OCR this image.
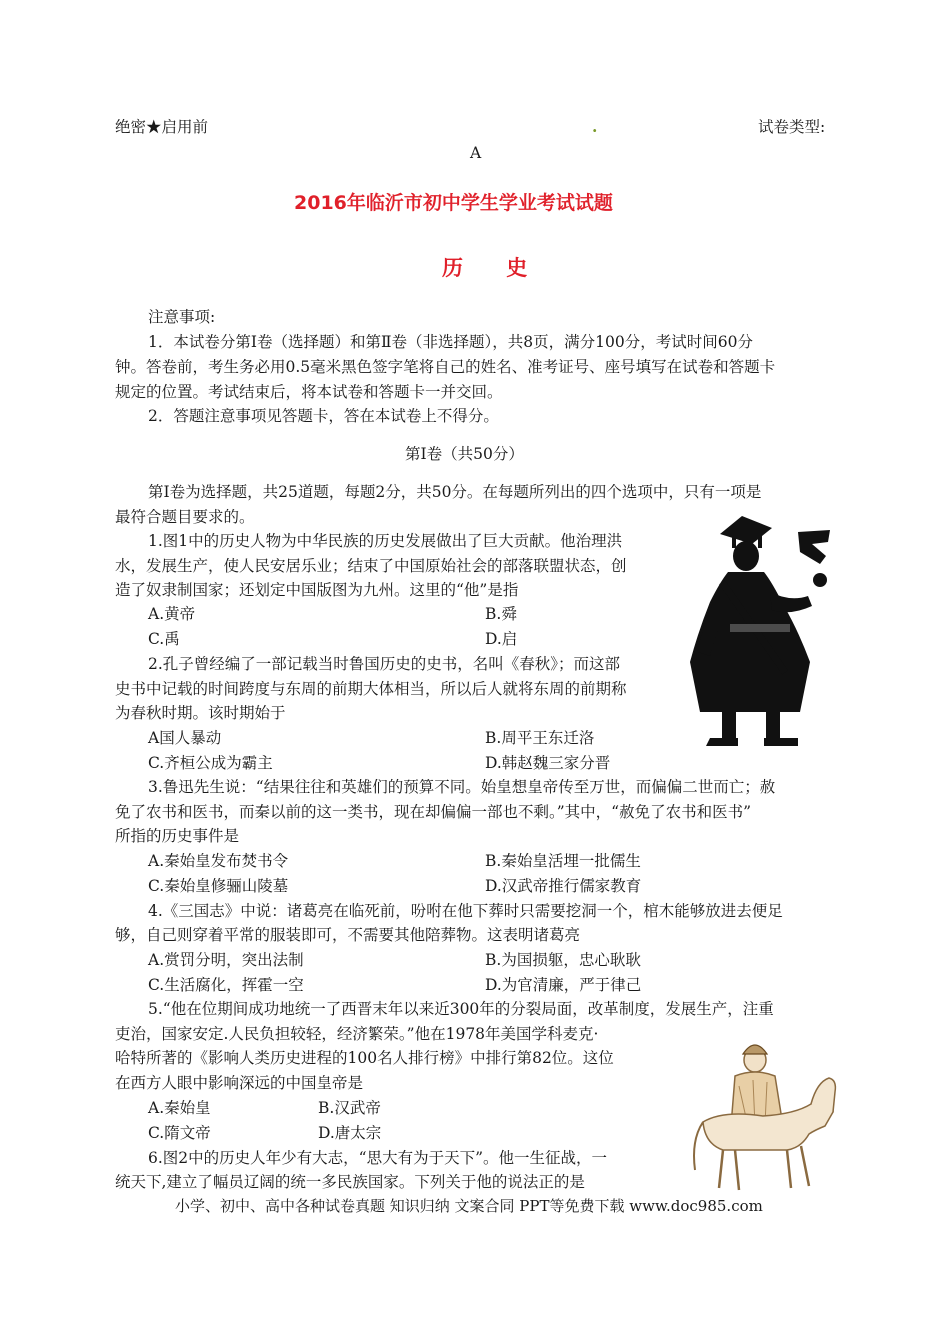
绝密★启用前	.	试卷类型:
A
2016年临沂市初中学生学业考试试题
历 史
注意事项:
1．本试卷分第Ⅰ卷（选择题）和第Ⅱ卷（非选择题），共8页，满分100分，考试时间60分
钟。答卷前，考生务必用0.5毫米黑色签字笔将自己的姓名、准考证号、座号填写在试卷和答题卡
规定的位置。考试结束后，将本试卷和答题卡一并交回。
2．答题注意事项见答题卡，答在本试卷上不得分。
第Ⅰ卷（共50分）
第Ⅰ卷为选择题，共25道题，每题2分，共50分。在每题所列出的四个选项中，只有一项是
最符合题目要求的。
1.图1中的历史人物为中华民族的历史发展做出了巨大贡献。他治理洪
水，发展生产，使人民安居乐业；结束了中国原始社会的部落联盟状态，创
造了奴隶制国家；还划定中国版图为九州。这里的“他”是指
A.黄帝	B.舜
C.禹	D.启
2.孔子曾经编了一部记载当时鲁国历史的史书，名叫《春秋》；而这部
史书中记载的时间跨度与东周的前期大体相当，所以后人就将东周的前期称
为春秋时期。该时期始于
A国人暴动	B.周平王东迁洛
C.齐桓公成为霸主	D.韩赵魏三家分晋
3.鲁迅先生说：“结果往往和英雄们的预算不同。始皇想皇帝传至万世，而偏偏二世而亡；赦
免了农书和医书，而秦以前的这一类书，现在却偏偏一部也不剩。”其中，“赦免了农书和医书”
所指的历史事件是
A.秦始皇发布焚书令	B.秦始皇活埋一批儒生
C.秦始皇修骊山陵墓	D.汉武帝推行儒家教育
4.《三国志》中说：诸葛亮在临死前，吩咐在他下葬时只需要挖洞一个，棺木能够放进去便足
够，自己则穿着平常的服装即可，不需要其他陪葬物。这表明诸葛亮
A.赏罚分明，突出法制	B.为国损躯，忠心耿耿
C.生活腐化，挥霍一空	D.为官清廉，严于律己
5.“他在位期间成功地统一了西晋末年以来近300年的分裂局面，改革制度，发展生产，注重
吏治，国家安定.人民负担较轻，经济繁荣。”他在1978年美国学科麦克·
哈特所著的《影响人类历史进程的100名人排行榜》中排行第82位。这位
在西方人眼中影响深远的中国皇帝是
A.秦始皇	B.汉武帝
C.隋文帝	D.唐太宗
6.图2中的历史人年少有大志，“思大有为于天下”。他一生征战，一
统天下,建立了幅员辽阔的统一多民族国家。下列关于他的说法正的是
小学、初中、高中各种试卷真题 知识归纳 文案合同 PPT等免费下载 www.doc985.com
